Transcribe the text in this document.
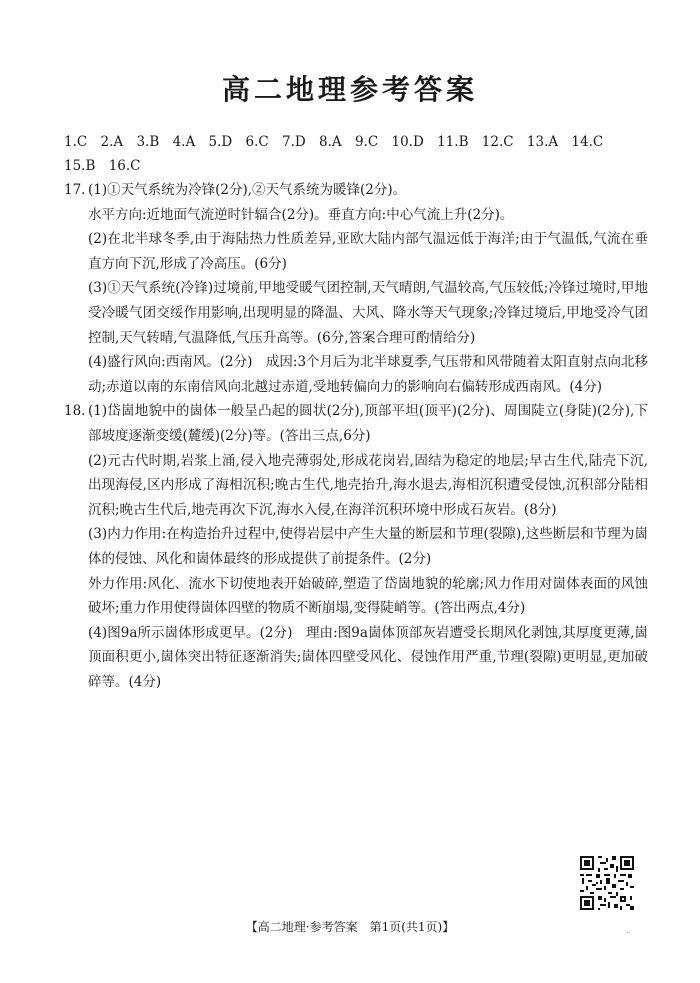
高二地理参考答案
1.C 2.A 3.B 4.A 5.D 6.C 7.D 8.A 9.C 10.D 11.B 12.C 13.A 14.C 15.B 16.C
17. (1)①天气系统为冷锋(2分),②天气系统为暖锋(2分)。

水平方向:近地面气流逆时针辐合(2分)。垂直方向:中心气流上升(2分)。

(2)在北半球冬季,由于海陆热力性质差异,亚欧大陆内部气温远低于海洋;由于气温低,气流在垂直方向下沉,形成了冷高压。(6分)

(3)①天气系统(冷锋)过境前,甲地受暖气团控制,天气晴朗,气温较高,气压较低;冷锋过境时,甲地受冷暖气团交绥作用影响,出现明显的降温、大风、降水等天气现象;冷锋过境后,甲地受冷气团控制,天气转晴,气温降低,气压升高等。(6分,答案合理可酌情给分)

(4)盛行风向:西南风。(2分)　成因:3个月后为北半球夏季,气压带和风带随着太阳直射点向北移动;赤道以南的东南信风向北越过赤道,受地转偏向力的影响向右偏转形成西南风。(4分)

18. (1)岱崮地貌中的崮体一般呈凸起的圆状(2分),顶部平坦(顶平)(2分)、周围陡立(身陡)(2分),下部坡度逐渐变缓(麓缓)(2分)等。(答出三点,6分)

(2)元古代时期,岩浆上涌,侵入地壳薄弱处,形成花岗岩,固结为稳定的地层;早古生代,陆壳下沉,出现海侵,区内形成了海相沉积;晚古生代,地壳抬升,海水退去,海相沉积遭受侵蚀,沉积部分陆相沉积;晚古生代后,地壳再次下沉,海水入侵,在海洋沉积环境中形成石灰岩。(8分)

(3)内力作用:在构造抬升过程中,使得岩层中产生大量的断层和节理(裂隙),这些断层和节理为崮体的侵蚀、风化和崮体最终的形成提供了前提条件。(2分)

外力作用:风化、流水下切使地表开始破碎,塑造了岱崮地貌的轮廓;风力作用对崮体表面的风蚀破坏;重力作用使得崮体四壁的物质不断崩塌,变得陡峭等。(答出两点,4分)

(4)图9a所示崮体形成更早。(2分)　理由:图9a崮体顶部灰岩遭受长期风化剥蚀,其厚度更薄,崮顶面积更小,崮体突出特征逐渐消失;崮体四壁受风化、侵蚀作用严重,节理(裂隙)更明显,更加破碎等。(4分)

【高二地理·参考答案　第1页(共1页)】	..
